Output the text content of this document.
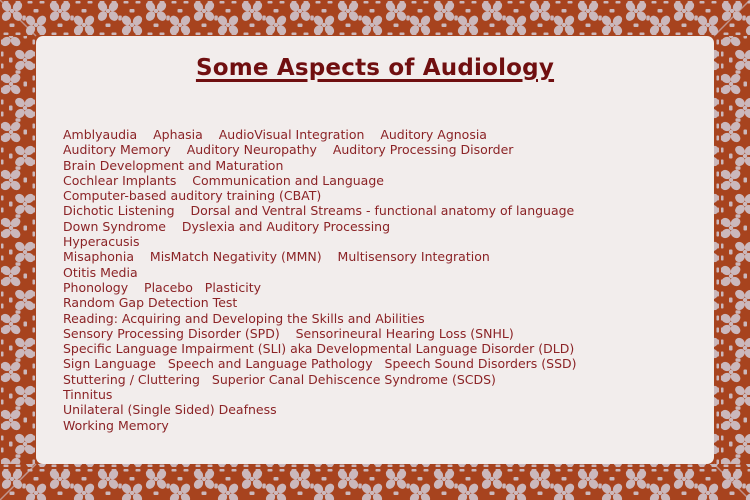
Some Aspects of Audiology
Amblyaudia Aphasia AudioVisual Integration Auditory Agnosia
Auditory Memory Auditory Neuropathy Auditory Processing Disorder
Brain Development and Maturation
Cochlear Implants Communication and Language
Computer-based auditory training (CBAT)
Dichotic Listening Dorsal and Ventral Streams - functional anatomy of language
Down Syndrome Dyslexia and Auditory Processing
Hyperacusis
Misaphonia MisMatch Negativity (MMN) Multisensory Integration
Otitis Media
Phonology Placebo Plasticity
Random Gap Detection Test
Reading: Acquiring and Developing the Skills and Abilities
Sensory Processing Disorder (SPD) Sensorineural Hearing Loss (SNHL)
Specific Language Impairment (SLI) aka Developmental Language Disorder (DLD)
Sign Language Speech and Language Pathology Speech Sound Disorders (SSD)
Stuttering / Cluttering Superior Canal Dehiscence Syndrome (SCDS)
Tinnitus
Unilateral (Single Sided) Deafness
Working Memory
